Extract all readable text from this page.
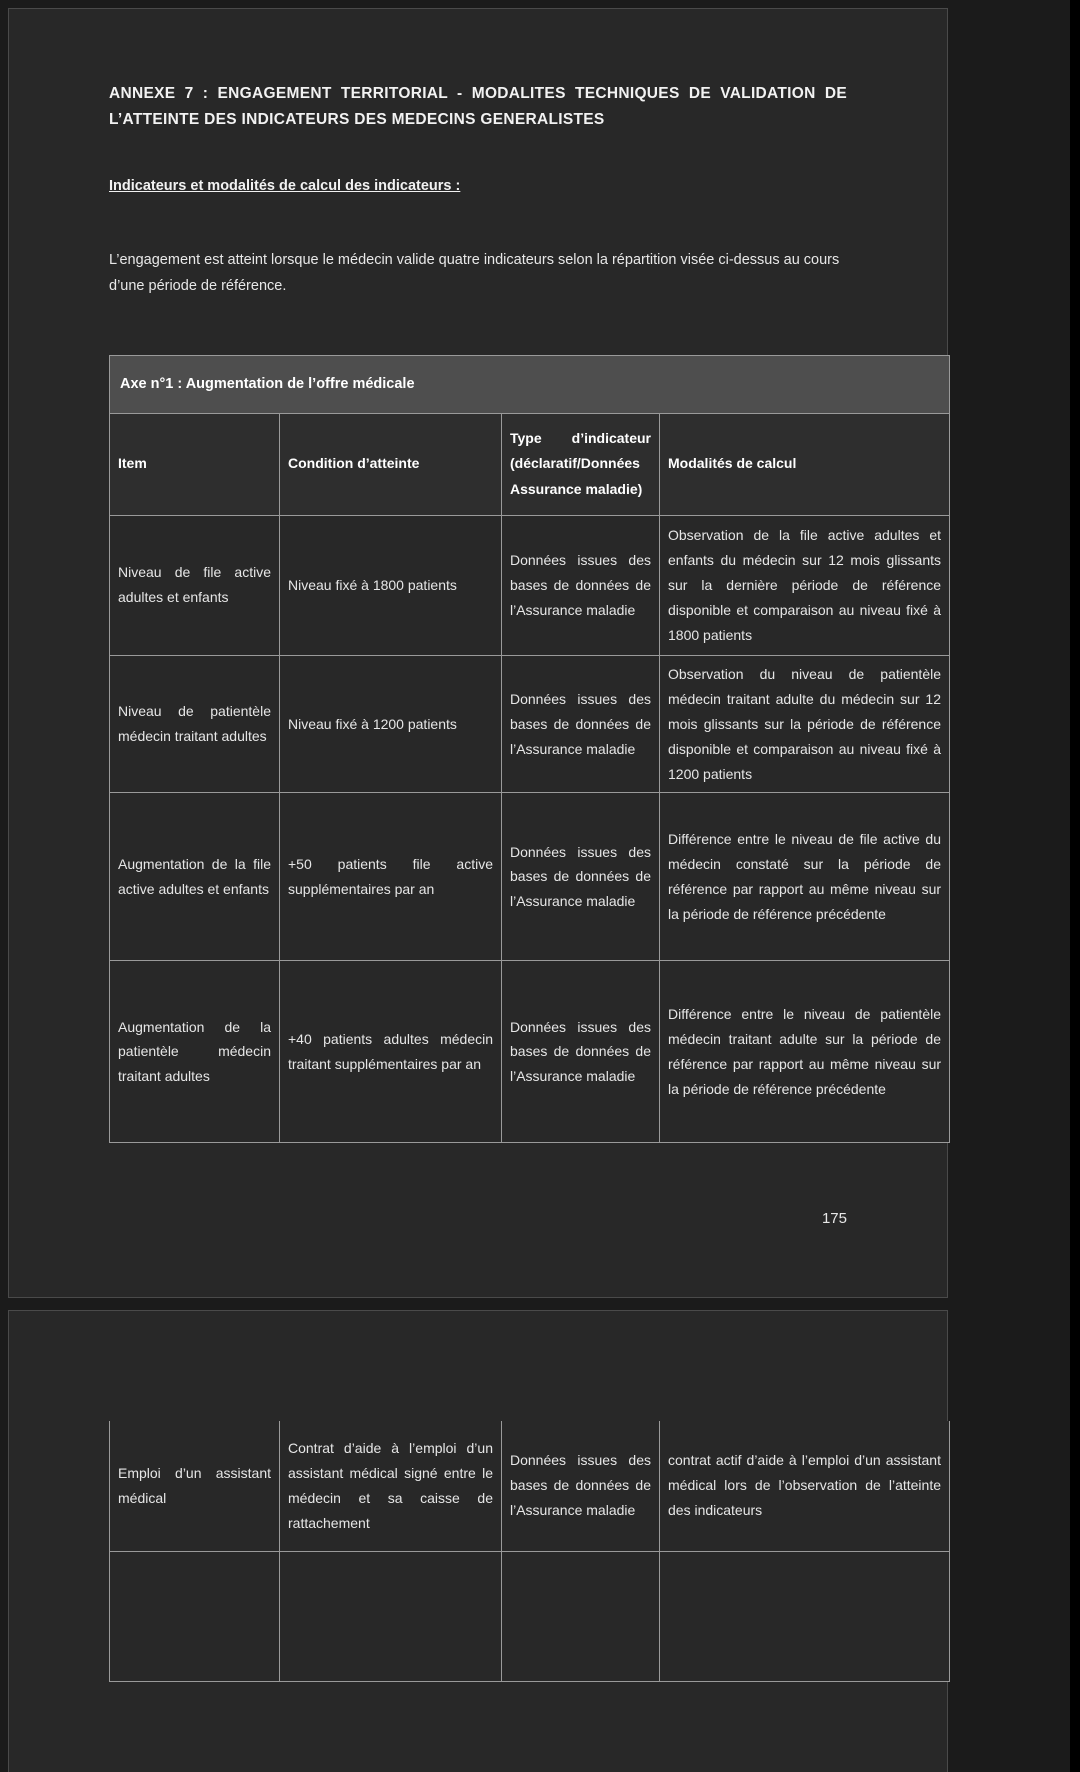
ANNEXE 7 : ENGAGEMENT TERRITORIAL - MODALITES TECHNIQUES DE VALIDATION DE L’ATTEINTE DES INDICATEURS DES MEDECINS GENERALISTES

Indicateurs et modalités de calcul des indicateurs :

L’engagement est atteint lorsque le médecin valide quatre indicateurs selon la répartition visée ci-dessus au cours d’une période de référence.

Axe n°1 : Augmentation de l’offre médicale			
Item	Condition d’atteinte	Type d’indicateur (déclaratif/Données Assurance maladie)	Modalités de calcul
Niveau de file active adultes et enfants	Niveau fixé à 1800 patients	Données issues des bases de données de l’Assurance maladie	Observation de la file active adultes et enfants du médecin sur 12 mois glissants sur la dernière période de référence disponible et comparaison au niveau fixé à 1800 patients
Niveau de patientèle médecin traitant adultes	Niveau fixé à 1200 patients	Données issues des bases de données de l’Assurance maladie	Observation du niveau de patientèle médecin traitant adulte du médecin sur 12 mois glissants sur la période de référence disponible et comparaison au niveau fixé à 1200 patients
Augmentation de la file active adultes et enfants	+50 patients file active supplémentaires par an	Données issues des bases de données de l’Assurance maladie	Différence entre le niveau de file active du médecin constaté sur la période de référence par rapport au même niveau sur la période de référence précédente
Augmentation de la patientèle médecin traitant adultes	+40 patients adultes médecin traitant supplémentaires par an	Données issues des bases de données de l’Assurance maladie	Différence entre le niveau de patientèle médecin traitant adulte sur la période de référence par rapport au même niveau sur la période de référence précédente
175
Emploi d’un assistant médical	Contrat d’aide à l’emploi d’un assistant médical signé entre le médecin et sa caisse de rattachement	Données issues des bases de données de l’Assurance maladie	contrat actif d’aide à l’emploi d’un assistant médical lors de l’observation de l’atteinte des indicateurs
